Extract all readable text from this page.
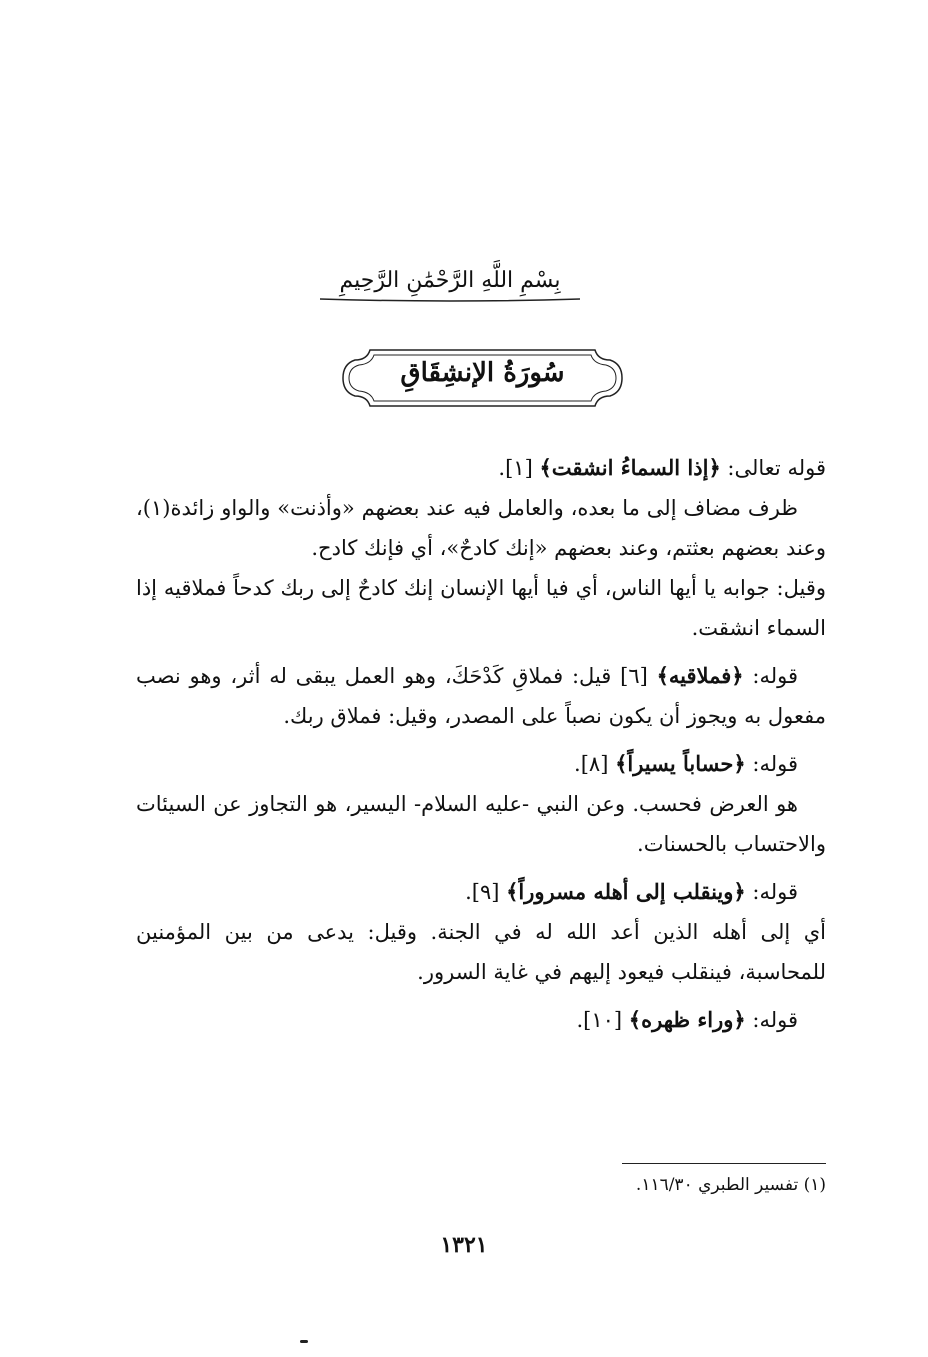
بِسْمِ اللَّهِ الرَّحْمَٰنِ الرَّحِيمِ
سُورَةُ الإنشِقَاقِ

قوله تعالى: ﴿إذا السماءُ انشقت﴾ [١].

ظرف مضاف إلى ما بعده، والعامل فيه عند بعضهم «وأذنت» والواو زائدة(١)، وعند بعضهم بعثتم، وعند بعضهم «إنك كادحٌ»، أي فإنك كادح.

وقيل: جوابه يا أيها الناس، أي فيا أيها الإنسان إنك كادحٌ إلى ربك كدحاً فملاقيه إذا السماء انشقت.

قوله: ﴿فملاقيه﴾ [٦] قيل: فملاقِ كَدْحَكَ، وهو العمل يبقى له أثر، وهو نصب مفعول به ويجوز أن يكون نصباً على المصدر، وقيل: فملاق ربك.

قوله: ﴿حساباً يسيراً﴾ [٨].

هو العرض فحسب. وعن النبي -عليه السلام- اليسير، هو التجاوز عن السيئات والاحتساب بالحسنات.

قوله: ﴿وينقلب إلى أهله مسروراً﴾ [٩].

أي إلى أهله الذين أعد الله له في الجنة. وقيل: يدعى من بين المؤمنين للمحاسبة، فينقلب فيعود إليهم في غاية السرور.

قوله: ﴿وراء ظهره﴾ [١٠].

(١) تفسير الطبري ١١٦/٣٠.
١٣٢١
